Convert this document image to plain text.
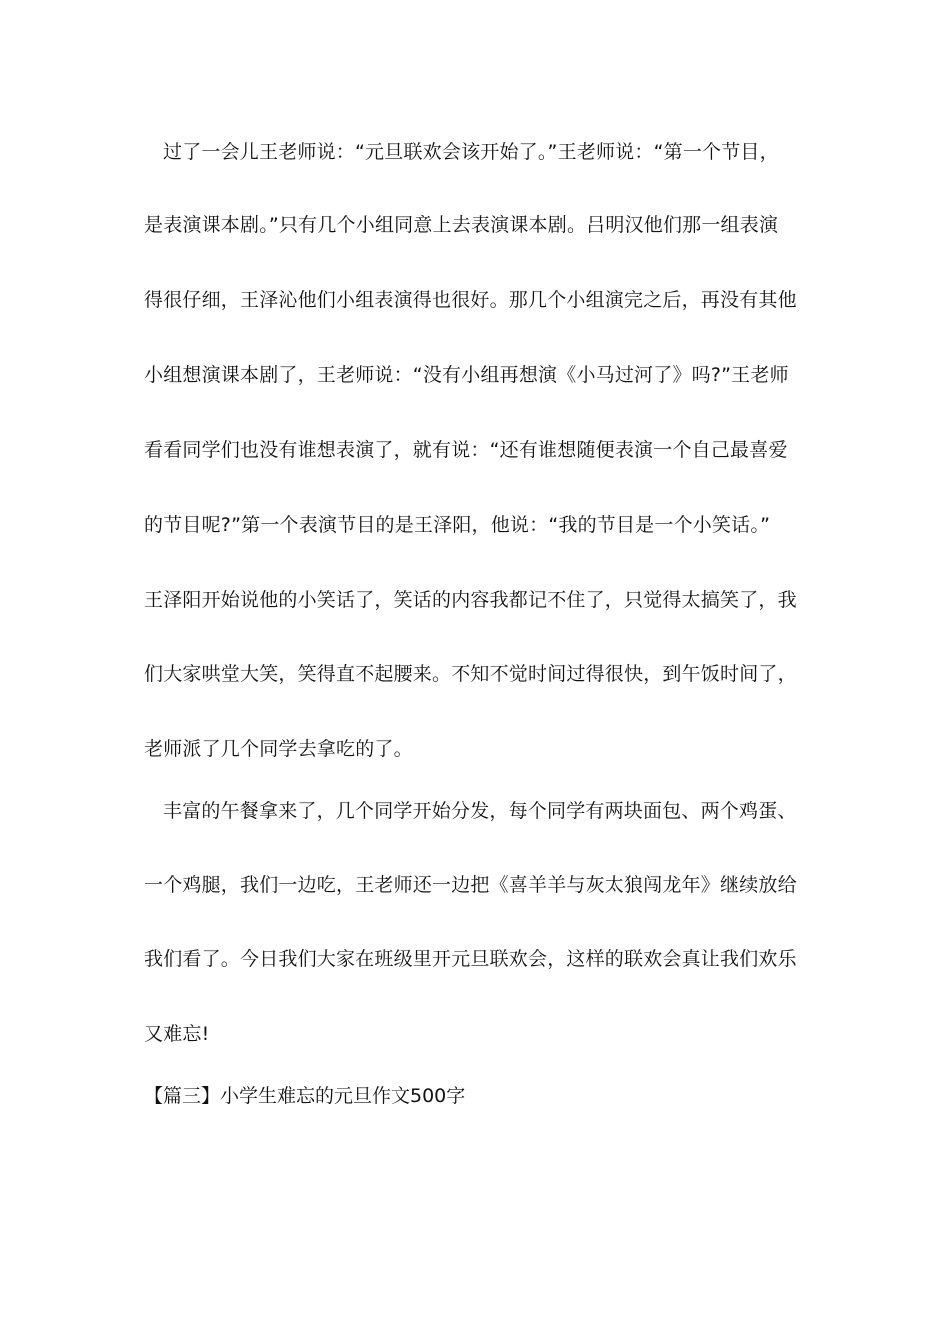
过了一会儿王老师说：“元旦联欢会该开始了。”王老师说：“第一个节目，
是表演课本剧。”只有几个小组同意上去表演课本剧。吕明汉他们那一组表演
得很仔细，王泽沁他们小组表演得也很好。那几个小组演完之后，再没有其他
小组想演课本剧了，王老师说：“没有小组再想演《小马过河了》吗?”王老师
看看同学们也没有谁想表演了，就有说：“还有谁想随便表演一个自己最喜爱
的节目呢?”第一个表演节目的是王泽阳，他说：“我的节目是一个小笑话。”
王泽阳开始说他的小笑话了，笑话的内容我都记不住了，只觉得太搞笑了，我
们大家哄堂大笑，笑得直不起腰来。不知不觉时间过得很快，到午饭时间了，
老师派了几个同学去拿吃的了。
丰富的午餐拿来了，几个同学开始分发，每个同学有两块面包、两个鸡蛋、
一个鸡腿，我们一边吃，王老师还一边把《喜羊羊与灰太狼闯龙年》继续放给
我们看了。今日我们大家在班级里开元旦联欢会，这样的联欢会真让我们欢乐
又难忘!
【篇三】小学生难忘的元旦作文500字
